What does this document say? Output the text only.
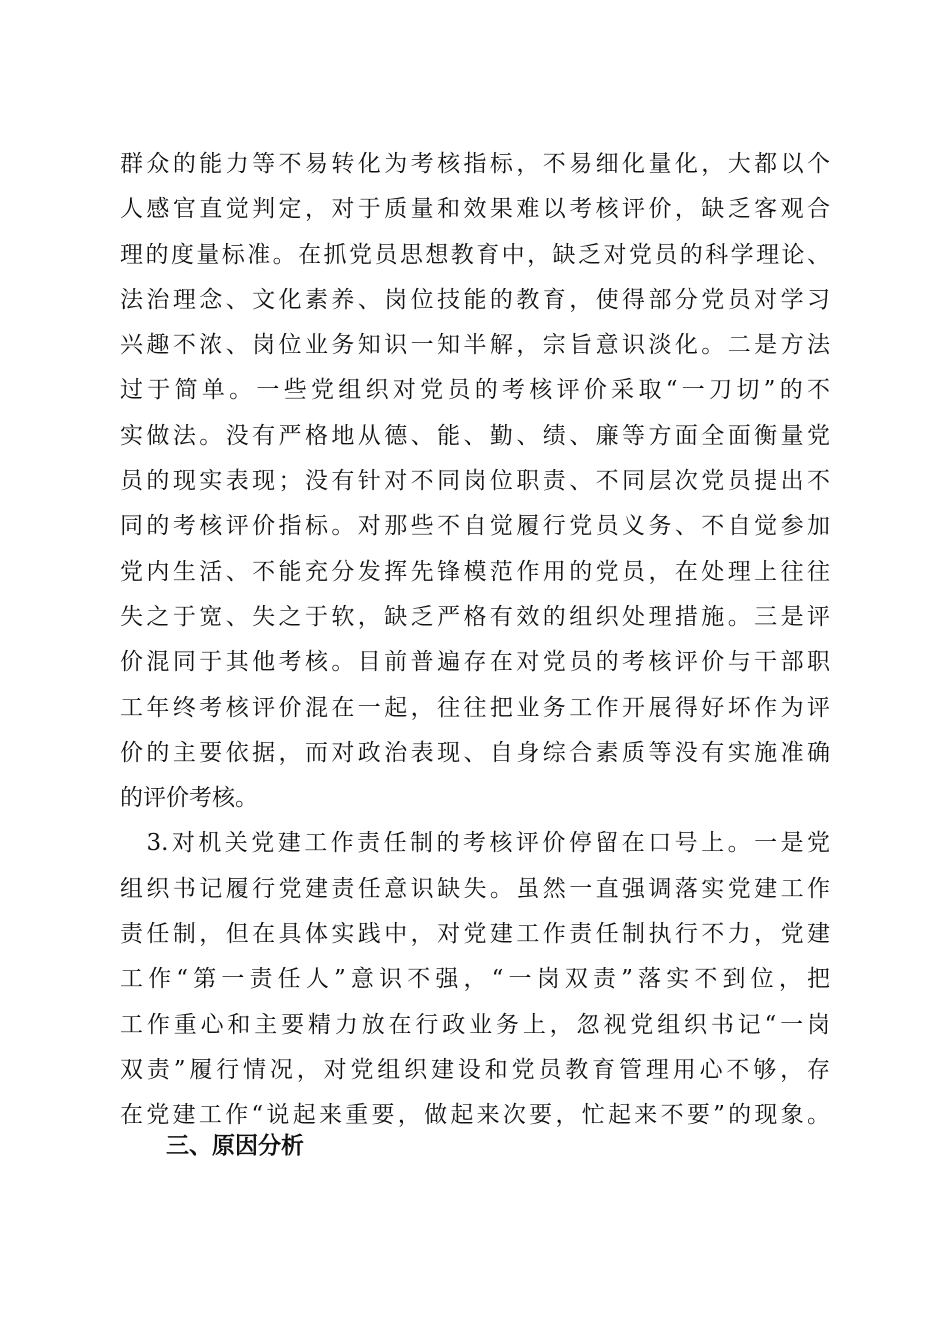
群众的能力等不易转化为考核指标，不易细化量化，大都以个
人感官直觉判定，对于质量和效果难以考核评价，缺乏客观合
理的度量标准。在抓党员思想教育中，缺乏对党员的科学理论、
法治理念、文化素养、岗位技能的教育，使得部分党员对学习
兴趣不浓、岗位业务知识一知半解，宗旨意识淡化。二是方法
过于简单。一些党组织对党员的考核评价采取“一刀切”的不
实做法。没有严格地从德、能、勤、绩、廉等方面全面衡量党
员的现实表现；没有针对不同岗位职责、不同层次党员提出不
同的考核评价指标。对那些不自觉履行党员义务、不自觉参加
党内生活、不能充分发挥先锋模范作用的党员，在处理上往往
失之于宽、失之于软，缺乏严格有效的组织处理措施。三是评
价混同于其他考核。目前普遍存在对党员的考核评价与干部职
工年终考核评价混在一起，往往把业务工作开展得好坏作为评
价的主要依据，而对政治表现、自身综合素质等没有实施准确
的评价考核。
　3.对机关党建工作责任制的考核评价停留在口号上。一是党
组织书记履行党建责任意识缺失。虽然一直强调落实党建工作
责任制，但在具体实践中，对党建工作责任制执行不力，党建
工作“第一责任人”意识不强，“一岗双责”落实不到位，把
工作重心和主要精力放在行政业务上，忽视党组织书记“一岗
双责”履行情况，对党组织建设和党员教育管理用心不够，存
在党建工作“说起来重要，做起来次要，忙起来不要”的现象。
三、原因分析
